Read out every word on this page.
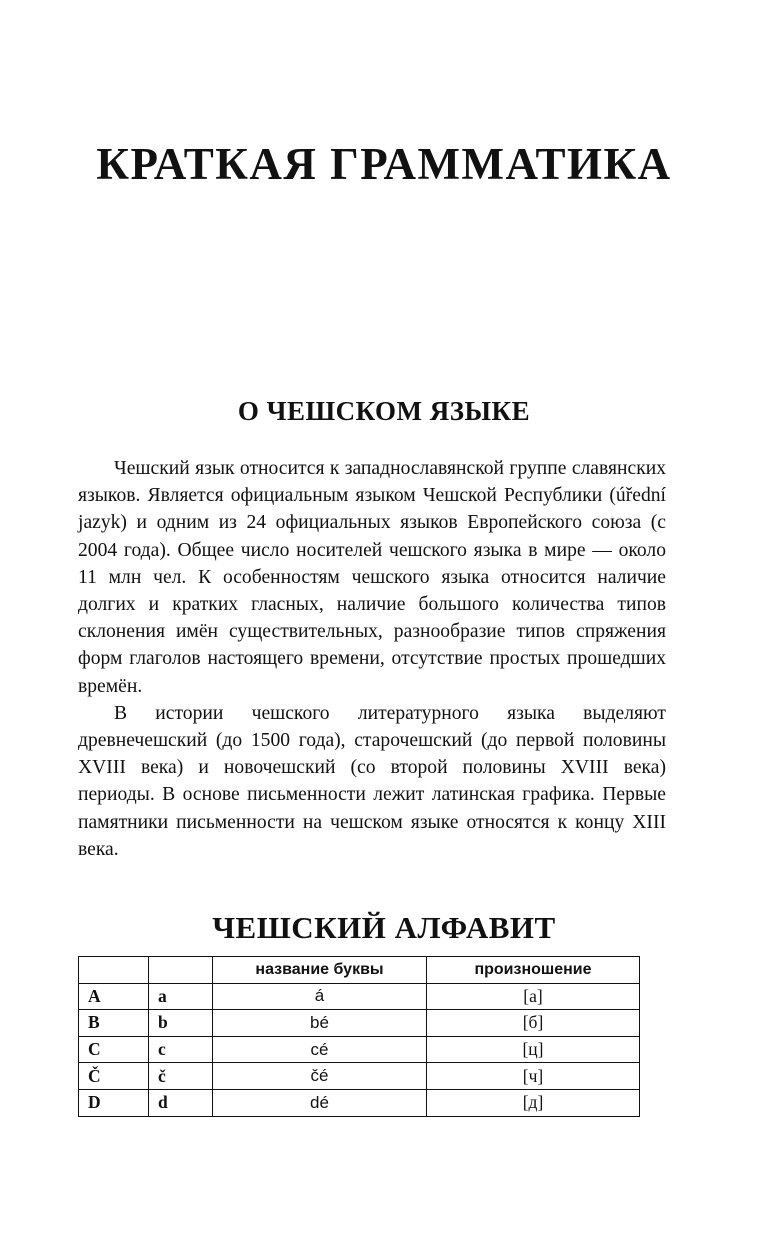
КРАТКАЯ ГРАММАТИКА
О ЧЕШСКОМ ЯЗЫКЕ

Чешский язык относится к западнославянской группе славянских языков. Является официальным языком Чешской Республики (úřední jazyk) и одним из 24 официальных языков Европейского союза (с 2004 года). Общее число носителей чешского языка в мире — около 11 млн чел. К особенностям чешского языка относится наличие долгих и кратких гласных, наличие большого количества типов склонения имён существительных, разнообразие типов спряжения форм глаголов настоящего времени, отсутствие простых прошедших времён.

В истории чешского литературного языка выделяют древнечешский (до 1500 года), старочешский (до первой половины XVIII века) и новочешский (со второй половины XVIII века) периоды. В основе письменности лежит латинская графика. Первые памятники письменности на чешском языке относятся к концу XIII века.

ЧЕШСКИЙ АЛФАВИТ
		название буквы	произношение
A	a	á	[а]
B	b	bé	[б]
C	c	cé	[ц]
Č	č	čé	[ч]
D	d	dé	[д]
